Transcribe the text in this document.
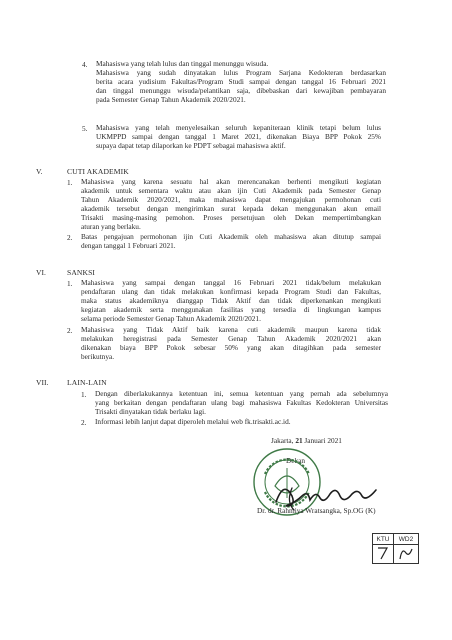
4. Mahasiswa yang telah lulus dan tinggal menunggu wisuda.
Mahasiswa yang sudah dinyatakan lulus Program Sarjana Kedokteran berdasarkan
berita acara yudisium Fakultas/Program Studi sampai dengan tanggal 16 Februari 2021
dan tinggal menunggu wisuda/pelantikan saja, dibebaskan dari kewajiban pembayaran
pada Semester Genap Tahun Akademik 2020/2021.
5. Mahasiswa yang telah menyelesaikan seluruh kepaniteraan klinik tetapi belum lulus
UKMPPD sampai dengan tanggal 1 Maret 2021, dikenakan Biaya BPP Pokok 25%
supaya dapat tetap dilaporkan ke PDPT sebagai mahasiswa aktif.
V.	CUTI AKADEMIK
1. Mahasiswa yang karena sesuatu hal akan merencanakan berhenti mengikuti kegiatan
akademik untuk sementara waktu atau akan ijin Cuti Akademik pada Semester Genap
Tahun Akademik 2020/2021, maka mahasiswa dapat mengajukan permohonan cuti
akademik tersebut dengan mengirimkan surat kepada dekan menggunakan akun email
Trisakti masing-masing pemohon. Proses persetujuan oleh Dekan mempertimbangkan
aturan yang berlaku.
2. Batas pengajuan permohonan ijin Cuti Akademik oleh mahasiswa akan ditutup sampai
dengan tanggal 1 Februari 2021.
VI.	SANKSI
1. Mahasiswa yang sampai dengan tanggal 16 Februari 2021 tidak/belum melakukan
pendaftaran ulang dan tidak melakukan konfirmasi kepada Program Studi dan Fakultas,
maka status akademiknya dianggap Tidak Aktif dan tidak diperkenankan mengikuti
kegiatan akademik serta menggunakan fasilitas yang tersedia di lingkungan kampus
selama periode Semester Genap Tahun Akademik 2020/2021.
2. Mahasiswa yang Tidak Aktif baik karena cuti akademik maupun karena tidak
melakukan heregistrasi pada Semester Genap Tahun Akademik 2020/2021 akan
dikenakan biaya BPP Pokok sebesar 50% yang akan ditagihkan pada semester
berikutnya.
VII. LAIN-LAIN
1. Dengan diberlakukannya ketentuan ini, semua ketentuan yang pernah ada sebelumnya
yang berkaitan dengan pendaftaran ulang bagi mahasiswa Fakultas Kedokteran Universitas
Trisakti dinyatakan tidak berlaku lagi.
2. Informasi lebih lanjut dapat diperoleh melalui web fk.trisakti.ac.id.
Jakarta, 21 Januari 2021
Dekan
Dr. dr. Rahmiya Wratsangka, Sp.OG (K)
KTU	WD2
